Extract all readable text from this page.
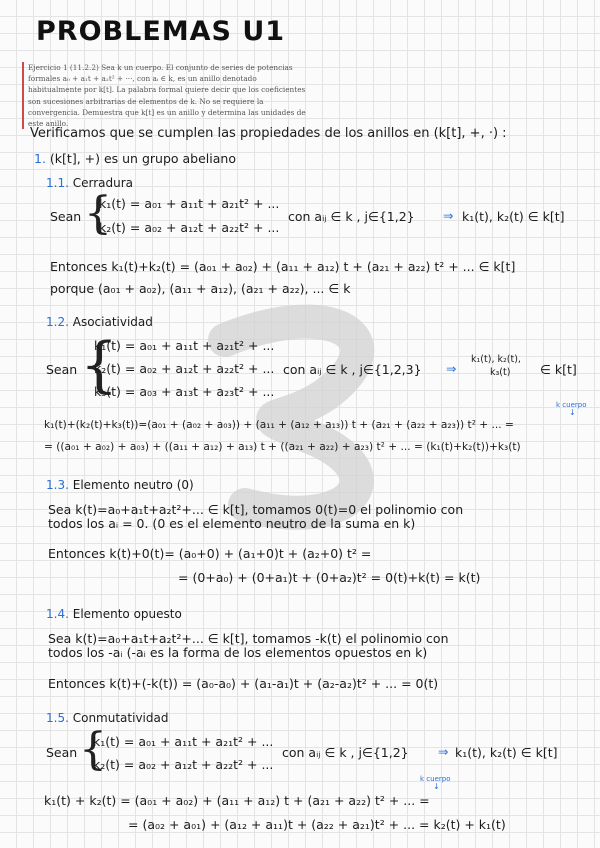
PROBLEMAS U1
Ejercicio 1 (11.2.2) Sea k un cuerpo. El conjunto de series de potencias formales a₀ + a₁t + a₂t² + ···, con aᵢ ∈ k, es un anillo denotado habitualmente por k[t]. La palabra formal quiere decir que los coeficientes son sucesiones arbitrarias de elementos de k. No se requiere la convergencia. Demuestra que k[t] es un anillo y determina las unidades de este anillo.
Verificamos que se cumplen las propiedades de los anillos en (k[t], +, ·) :
1. (k[t], +) es un grupo abeliano
1.1. Cerradura
Sean {
k₁(t) = a₀₁ + a₁₁t + a₂₁t² + ...
k₂(t) = a₀₂ + a₁₂t + a₂₂t² + ...
con aᵢⱼ ∈ k , j∈{1,2} ⇒ k₁(t), k₂(t) ∈ k[t]
Entonces k₁(t)+k₂(t) = (a₀₁ + a₀₂) + (a₁₁ + a₁₂) t + (a₂₁ + a₂₂) t² + ... ∈ k[t]
porque (a₀₁ + a₀₂), (a₁₁ + a₁₂), (a₂₁ + a₂₂), ... ∈ k
1.2. Asociatividad
Sean {
k₁(t) = a₀₁ + a₁₁t + a₂₁t² + ...
k₂(t) = a₀₂ + a₁₂t + a₂₂t² + ...
k₃(t) = a₀₃ + a₁₃t + a₂₃t² + ...
con aᵢⱼ ∈ k , j∈{1,2,3} ⇒
k₁(t), k₂(t),
k₃(t) ∈ k[t]
k cuerpo
↓
k₁(t)+(k₂(t)+k₃(t))=(a₀₁ + (a₀₂ + a₀₃)) + (a₁₁ + (a₁₂ + a₁₃)) t + (a₂₁ + (a₂₂ + a₂₃)) t² + ... =
= ((a₀₁ + a₀₂) + a₀₃) + ((a₁₁ + a₁₂) + a₁₃) t + ((a₂₁ + a₂₂) + a₂₃) t² + ... = (k₁(t)+k₂(t))+k₃(t)
1.3. Elemento neutro (0)
Sea k(t)=a₀+a₁t+a₂t²+... ∈ k[t], tomamos 0(t)=0 el polinomio con
todos los aᵢ = 0. (0 es el elemento neutro de la suma en k)
Entonces k(t)+0(t)= (a₀+0) + (a₁+0)t + (a₂+0) t² =
= (0+a₀) + (0+a₁)t + (0+a₂)t² = 0(t)+k(t) = k(t)
1.4. Elemento opuesto
Sea k(t)=a₀+a₁t+a₂t²+... ∈ k[t], tomamos -k(t) el polinomio con
todos los -aᵢ (-aᵢ es la forma de los elementos opuestos en k)
Entonces k(t)+(-k(t)) = (a₀-a₀) + (a₁-a₁)t + (a₂-a₂)t² + ... = 0(t)
1.5. Conmutatividad
Sean {
k₁(t) = a₀₁ + a₁₁t + a₂₁t² + ...
k₂(t) = a₀₂ + a₁₂t + a₂₂t² + ...
con aᵢⱼ ∈ k , j∈{1,2} ⇒ k₁(t), k₂(t) ∈ k[t]
k cuerpo
↓
k₁(t) + k₂(t) = (a₀₁ + a₀₂) + (a₁₁ + a₁₂) t + (a₂₁ + a₂₂) t² + ... =
= (a₀₂ + a₀₁) + (a₁₂ + a₁₁)t + (a₂₂ + a₂₁)t² + ... = k₂(t) + k₁(t)
